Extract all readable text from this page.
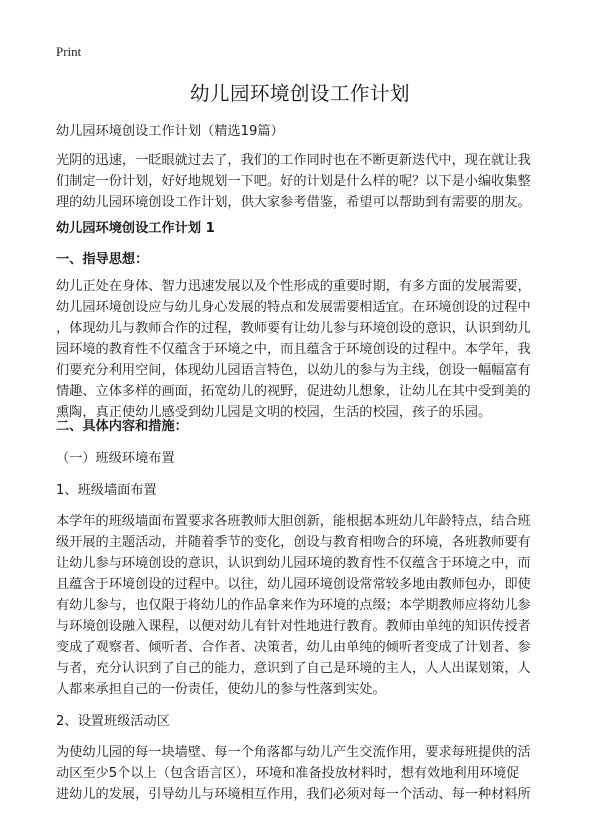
Print
幼儿园环境创设工作计划

幼儿园环境创设工作计划（精选19篇）

光阴的迅速，一眨眼就过去了，我们的工作同时也在不断更新迭代中，现在就让我
们制定一份计划，好好地规划一下吧。好的计划是什么样的呢？以下是小编收集整
理的幼儿园环境创设工作计划，供大家参考借鉴，希望可以帮助到有需要的朋友。

幼儿园环境创设工作计划 1

一、指导思想：

幼儿正处在身体、智力迅速发展以及个性形成的重要时期，有多方面的发展需要，
幼儿园环境创设应与幼儿身心发展的特点和发展需要相适宜。在环境创设的过程中
，体现幼儿与教师合作的过程，教师要有让幼儿参与环境创设的意识，认识到幼儿
园环境的教育性不仅蕴含于环境之中，而且蕴含于环境创设的过程中。本学年，我
们要充分利用空间，体现幼儿园语言特色，以幼儿的参与为主线，创设一幅幅富有
情趣、立体多样的画面，拓宽幼儿的视野，促进幼儿想象，让幼儿在其中受到美的
熏陶，真正使幼儿感受到幼儿园是文明的校园，生活的校园，孩子的乐园。

二、具体内容和措施：

（一）班级环境布置

1、班级墙面布置

本学年的班级墙面布置要求各班教师大胆创新，能根据本班幼儿年龄特点，结合班
级开展的主题活动，并随着季节的变化，创设与教育相吻合的环境，各班教师要有
让幼儿参与环境创设的意识，认识到幼儿园环境的教育性不仅蕴含于环境之中，而
且蕴含于环境创设的过程中。以往，幼儿园环境创设常常较多地由教师包办，即使
有幼儿参与，也仅限于将幼儿的作品拿来作为环境的点缀；本学期教师应将幼儿参
与环境创设融入课程，以便对幼儿有针对性地进行教育。教师由单纯的知识传授者
变成了观察者、倾听者、合作者、决策者，幼儿由单纯的倾听者变成了计划者、参
与者，充分认识到了自己的能力，意识到了自己是环境的主人，人人出谋划策，人
人都来承担自己的一份责任，使幼儿的参与性落到实处。

2、设置班级活动区

为使幼儿园的每一块墙壁、每一个角落都与幼儿产生交流作用，要求每班提供的活
动区至少5个以上（包含语言区），环境和准备投放材料时，想有效地利用环境促
进幼儿的发展，引导幼儿与环境相互作用，我们必须对每一个活动、每一种材料所
